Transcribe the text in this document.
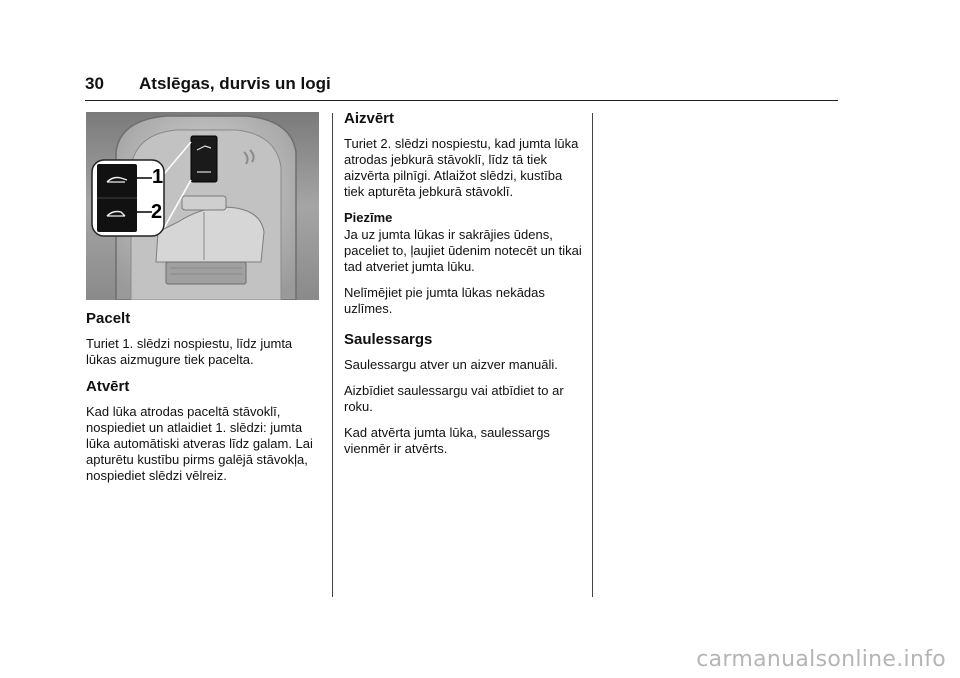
30 Atslēgas, durvis un logi
1
2
Pacelt

Turiet 1. slēdzi nospiestu, līdz jumta lūkas aizmugure tiek pacelta.

Atvērt

Kad lūka atrodas paceltā stāvoklī, nospiediet un atlaidiet 1. slēdzi: jumta lūka automātiski atveras līdz galam. Lai apturētu kustību pirms galējā stāvokļa, nospiediet slēdzi vēlreiz.

Aizvērt

Turiet 2. slēdzi nospiestu, kad jumta lūka atrodas jebkurā stāvoklī, līdz tā tiek aizvērta pilnīgi. Atlaižot slēdzi, kustība tiek apturēta jebkurā stāvoklī.

Piezīme

Ja uz jumta lūkas ir sakrājies ūdens, paceliet to, ļaujiet ūdenim notecēt un tikai tad atveriet jumta lūku.

Nelīmējiet pie jumta lūkas nekādas uzlīmes.

Saulessargs

Saulessargu atver un aizver manuāli.

Aizbīdiet saulessargu vai atbīdiet to ar roku.

Kad atvērta jumta lūka, saulessargs vienmēr ir atvērts.

carmanualsonline.info
